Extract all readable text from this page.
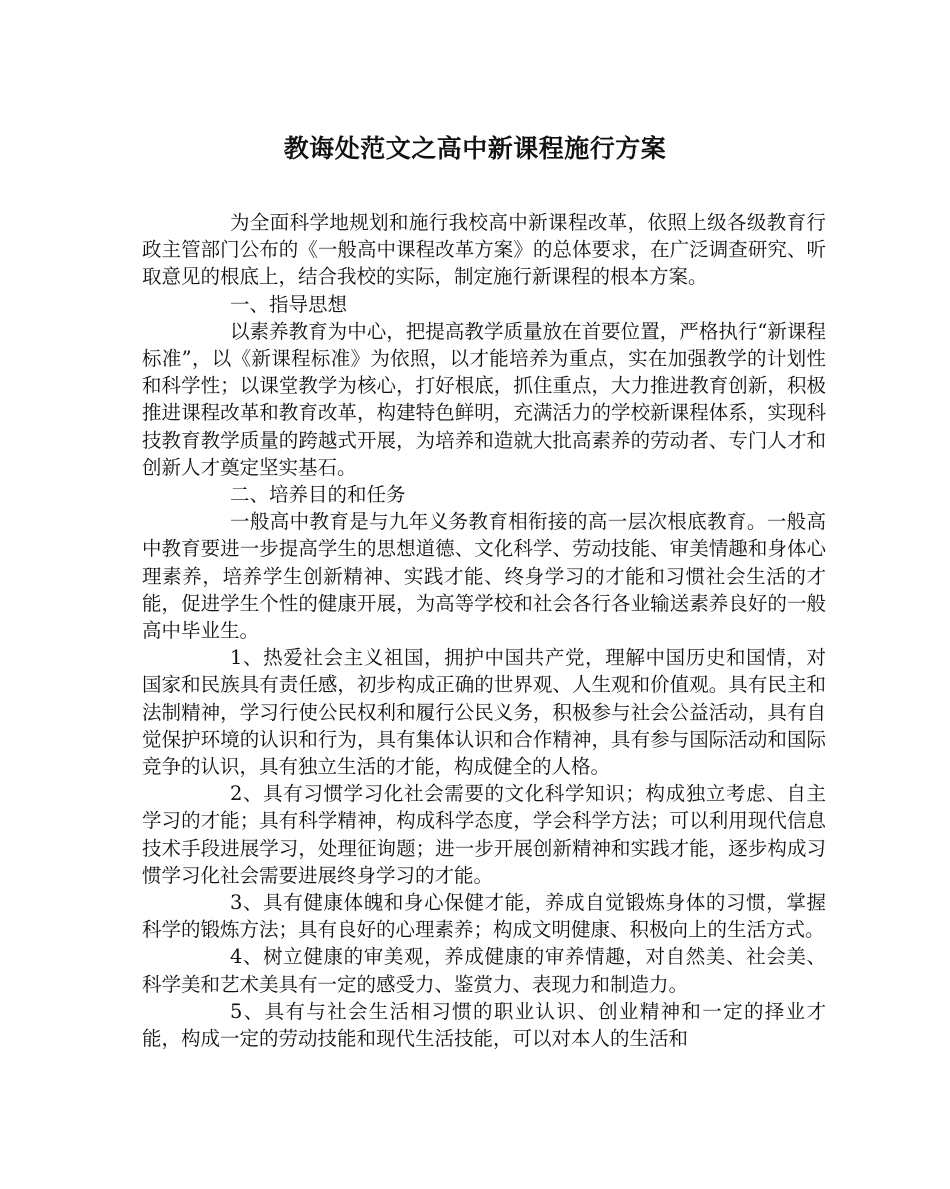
教诲处范文之高中新课程施行方案

为全面科学地规划和施行我校高中新课程改革，依照上级各级教育行政主管部门公布的《一般高中课程改革方案》的总体要求，在广泛调查研究、听取意见的根底上，结合我校的实际，制定施行新课程的根本方案。

一、指导思想

以素养教育为中心，把提高教学质量放在首要位置，严格执行“新课程标准”，以《新课程标准》为依照，以才能培养为重点，实在加强教学的计划性和科学性；以课堂教学为核心，打好根底，抓住重点，大力推进教育创新，积极推进课程改革和教育改革，构建特色鲜明，充满活力的学校新课程体系，实现科技教育教学质量的跨越式开展，为培养和造就大批高素养的劳动者、专门人才和创新人才奠定坚实基石。

二、培养目的和任务

一般高中教育是与九年义务教育相衔接的高一层次根底教育。一般高中教育要进一步提高学生的思想道德、文化科学、劳动技能、审美情趣和身体心理素养，培养学生创新精神、实践才能、终身学习的才能和习惯社会生活的才能，促进学生个性的健康开展，为高等学校和社会各行各业输送素养良好的一般高中毕业生。

1、热爱社会主义祖国，拥护中国共产党，理解中国历史和国情，对国家和民族具有责任感，初步构成正确的世界观、人生观和价值观。具有民主和法制精神，学习行使公民权利和履行公民义务，积极参与社会公益活动，具有自觉保护环境的认识和行为，具有集体认识和合作精神，具有参与国际活动和国际竞争的认识，具有独立生活的才能，构成健全的人格。

2、具有习惯学习化社会需要的文化科学知识；构成独立考虑、自主学习的才能；具有科学精神，构成科学态度，学会科学方法；可以利用现代信息技术手段进展学习，处理征询题；进一步开展创新精神和实践才能，逐步构成习惯学习化社会需要进展终身学习的才能。

3、具有健康体魄和身心保健才能，养成自觉锻炼身体的习惯，掌握科学的锻炼方法；具有良好的心理素养；构成文明健康、积极向上的生活方式。

4、树立健康的审美观，养成健康的审养情趣，对自然美、社会美、科学美和艺术美具有一定的感受力、鉴赏力、表现力和制造力。

5、具有与社会生活相习惯的职业认识、创业精神和一定的择业才能，构成一定的劳动技能和现代生活技能，可以对本人的生活和
